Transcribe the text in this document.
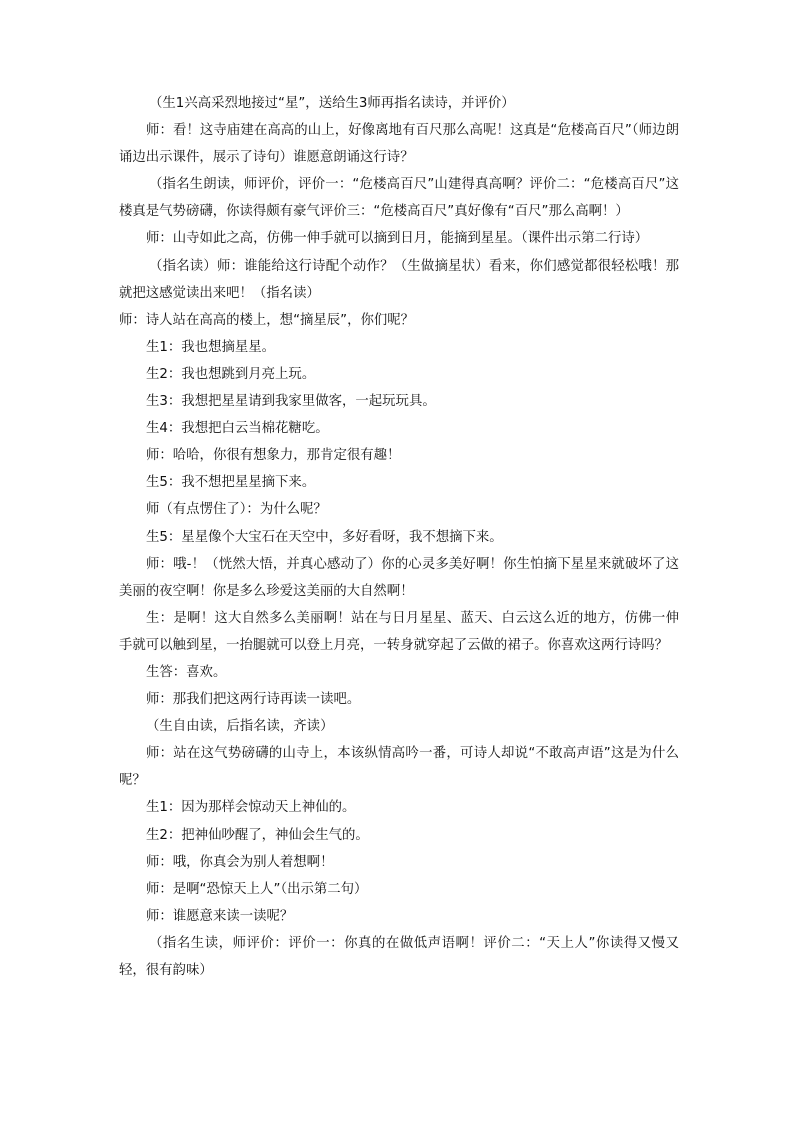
（生1兴高采烈地接过“星”，送给生3师再指名读诗，并评价）

师：看！这寺庙建在高高的山上，好像离地有百尺那么高呢！这真是“危楼高百尺”（师边朗诵边出示课件，展示了诗句）谁愿意朗诵这行诗？

（指名生朗读，师评价，评价一：“危楼高百尺”山建得真高啊？评价二：“危楼高百尺”这楼真是气势磅礴，你读得颇有豪气评价三：“危楼高百尺”真好像有“百尺”那么高啊！）

师：山寺如此之高，仿佛一伸手就可以摘到日月，能摘到星星。（课件出示第二行诗）

（指名读）师：谁能给这行诗配个动作？（生做摘星状）看来，你们感觉都很轻松哦！那就把这感觉读出来吧！（指名读）

师：诗人站在高高的楼上，想“摘星辰”，你们呢？

生1：我也想摘星星。

生2：我也想跳到月亮上玩。

生3：我想把星星请到我家里做客，一起玩玩具。

生4：我想把白云当棉花糖吃。

师：哈哈，你很有想象力，那肯定很有趣！

生5：我不想把星星摘下来。

师（有点愣住了）：为什么呢？

生5：星星像个大宝石在天空中，多好看呀，我不想摘下来。

师：哦-！（恍然大悟，并真心感动了）你的心灵多美好啊！你生怕摘下星星来就破坏了这美丽的夜空啊！你是多么珍爱这美丽的大自然啊！

生：是啊！这大自然多么美丽啊！站在与日月星星、蓝天、白云这么近的地方，仿佛一伸手就可以触到星，一抬腿就可以登上月亮，一转身就穿起了云做的裙子。你喜欢这两行诗吗？

生答：喜欢。

师：那我们把这两行诗再读一读吧。

（生自由读，后指名读，齐读）

师：站在这气势磅礴的山寺上，本该纵情高吟一番，可诗人却说“不敢高声语”这是为什么呢？

生1：因为那样会惊动天上神仙的。

生2：把神仙吵醒了，神仙会生气的。

师：哦，你真会为别人着想啊！

师：是啊“恐惊天上人”（出示第二句）

师：谁愿意来读一读呢？

（指名生读，师评价：评价一：你真的在做低声语啊！评价二：“天上人”你读得又慢又轻，很有韵味）
